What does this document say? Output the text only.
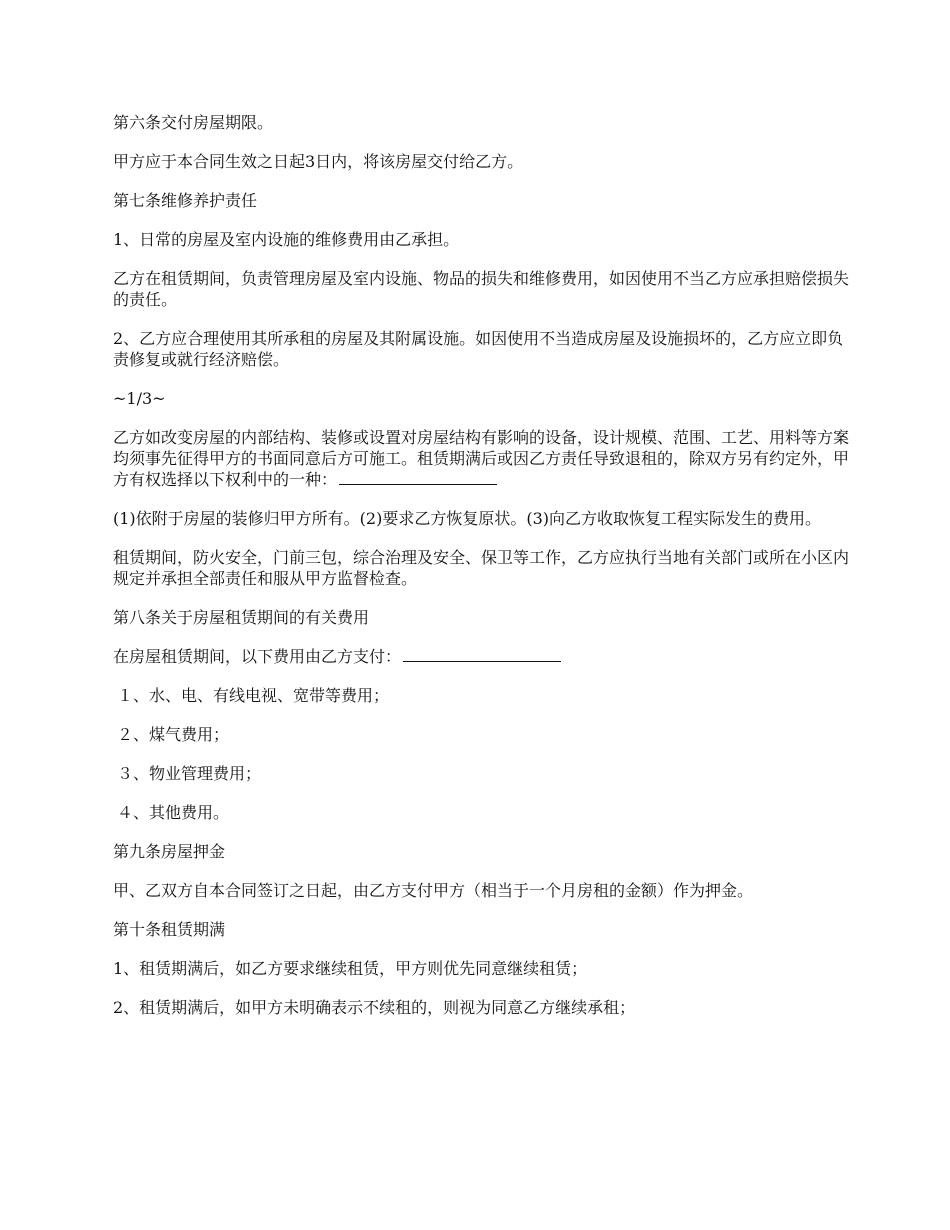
第六条交付房屋期限。

甲方应于本合同生效之日起3日内，将该房屋交付给乙方。

第七条维修养护责任

1、日常的房屋及室内设施的维修费用由乙承担。

乙方在租赁期间，负责管理房屋及室内设施、物品的损失和维修费用，如因使用不当乙方应承担赔偿损失的责任。

2、乙方应合理使用其所承租的房屋及其附属设施。如因使用不当造成房屋及设施损坏的，乙方应立即负责修复或就行经济赔偿。

~1/3~

乙方如改变房屋的内部结构、装修或设置对房屋结构有影响的设备，设计规模、范围、工艺、用料等方案均须事先征得甲方的书面同意后方可施工。租赁期满后或因乙方责任导致退租的，除双方另有约定外，甲方有权选择以下权利中的一种：

(1)依附于房屋的装修归甲方所有。(2)要求乙方恢复原状。(3)向乙方收取恢复工程实际发生的费用。

租赁期间，防火安全，门前三包，综合治理及安全、保卫等工作，乙方应执行当地有关部门或所在小区内规定并承担全部责任和服从甲方监督检查。

第八条关于房屋租赁期间的有关费用

在房屋租赁期间，以下费用由乙方支付：

１、水、电、有线电视、宽带等费用；

２、煤气费用；

３、物业管理费用；

４、其他费用。

第九条房屋押金

甲、乙双方自本合同签订之日起，由乙方支付甲方（相当于一个月房租的金额）作为押金。

第十条租赁期满

1、租赁期满后，如乙方要求继续租赁，甲方则优先同意继续租赁；

2、租赁期满后，如甲方未明确表示不续租的，则视为同意乙方继续承租；
